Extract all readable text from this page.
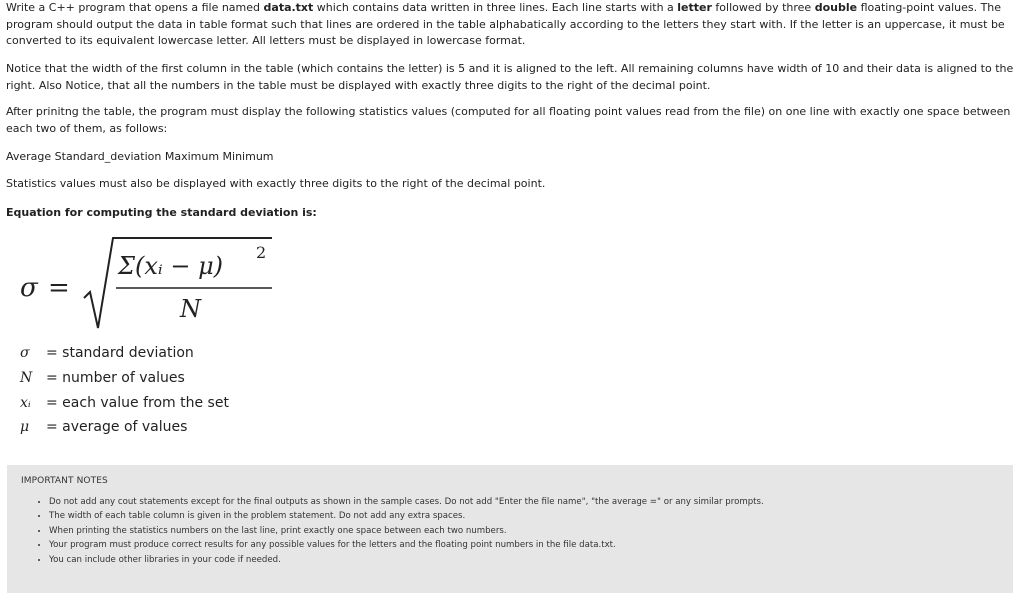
Write a C++ program that opens a file named data.txt which contains data written in three lines. Each line starts with a letter followed by three double floating-point values. The program should output the data in table format such that lines are ordered in the table alphabatically according to the letters they start with. If the letter is an uppercase, it must be converted to its equivalent lowercase letter. All letters must be displayed in lowercase format.

Notice that the width of the first column in the table (which contains the letter) is 5 and it is aligned to the left. All remaining columns have width of 10 and their data is aligned to the right. Also Notice, that all the numbers in the table must be displayed with exactly three digits to the right of the decimal point.

After prinitng the table, the program must display the following statistics values (computed for all floating point values read from the file) on one line with exactly one space between each two of them, as follows:

Average Standard_deviation Maximum Minimum

Statistics values must also be displayed with exactly three digits to the right of the decimal point.

Equation for computing the standard deviation is:

σ =
Σ(xᵢ − μ) 2
N
σ = standard deviation
N = number of values
xᵢ = each value from the set
μ = average of values
IMPORTANT NOTES
• Do not add any cout statements except for the final outputs as shown in the sample cases. Do not add "Enter the file name", "the average =" or any similar prompts.
• The width of each table column is given in the problem statement. Do not add any extra spaces.
• When printing the statistics numbers on the last line, print exactly one space between each two numbers.
• Your program must produce correct results for any possible values for the letters and the floating point numbers in the file data.txt.
• You can include other libraries in your code if needed.
